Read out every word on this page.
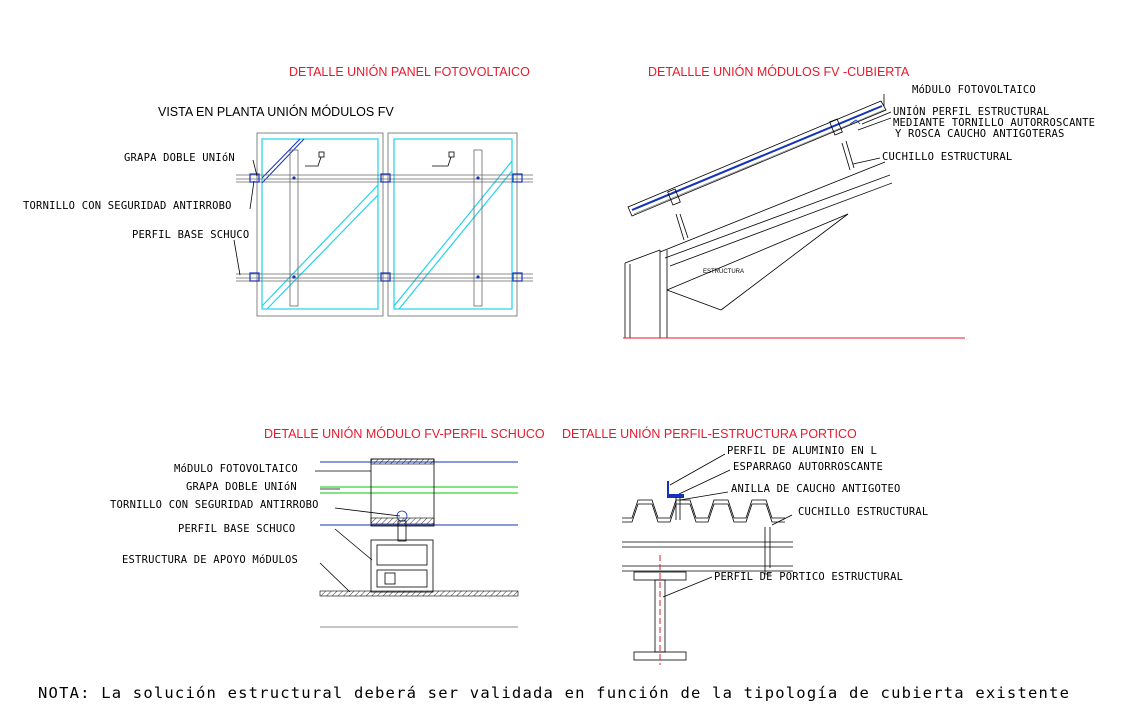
DETALLE UNIÓN PANEL FOTOVOLTAICO	DETALLLE UNIÓN MÓDULOS FV -CUBIERTA
DETALLE UNIÓN MÓDULO FV-PERFIL SCHUCO DETALLE UNIÓN PERFIL-ESTRUCTURA PORTICO
VISTA EN PLANTA UNIÓN MÓDULOS FV
GRAPA DOBLE UNIóN
TORNILLO CON SEGURIDAD ANTIRROBO
PERFIL BASE SCHUCO
ESTRUCTURA
MóDULO FOTOVOLTAICO
UNIÓN PERFIL ESTRUCTURAL
MEDIANTE TORNILLO AUTORROSCANTE
Y ROSCA CAUCHO ANTIGOTERAS
CUCHILLO ESTRUCTURAL
MóDULO FOTOVOLTAICO
GRAPA DOBLE UNIóN
TORNILLO CON SEGURIDAD ANTIRROBO
PERFIL BASE SCHUCO
ESTRUCTURA DE APOYO MóDULOS
PERFIL DE ALUMINIO EN L
ESPARRAGO AUTORROSCANTE
ANILLA DE CAUCHO ANTIGOTEO
CUCHILLO ESTRUCTURAL
PERFIL DE PORTICO ESTRUCTURAL
NOTA: La solución estructural deberá ser validada en función de la tipología de cubierta existente
